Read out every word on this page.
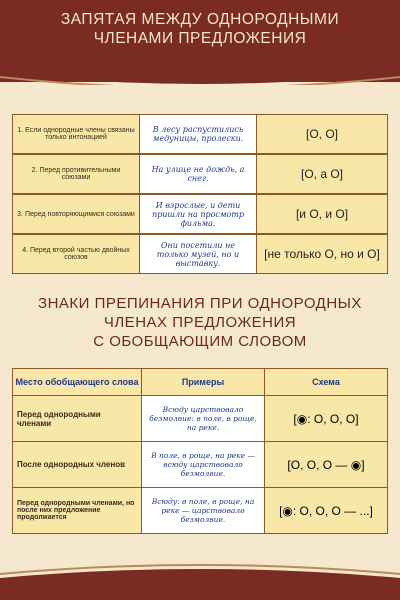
ЗАПЯТАЯ МЕЖДУ ОДНОРОДНЫМИ
ЧЛЕНАМИ ПРЕДЛОЖЕНИЯ
1. Если однородные члены связаны только интонацией	В лесу распустились медуницы, пролески.	[О, О]
2. Перед противительными союзами	На улице не дождь, а снег.	[О, а О]
3. Перед повторяющимися союзами	И взрослые, и дети пришли на просмотр фильма.	[и О, и О]
4. Перед второй частью двойных союзов	Они посетили не только музей, но и выставку.	[не только О, но и О]
ЗНАКИ ПРЕПИНАНИЯ ПРИ ОДНОРОДНЫХ
ЧЛЕНАХ ПРЕДЛОЖЕНИЯ
С ОБОБЩАЮЩИМ СЛОВОМ
Место обобщающего слова	Примеры	Схема
Перед однородными членами	Всюду царствовало безмолвие: в поле, в роще, на реке.	[◉: О, О, О]
После однородных членов	В поле, в роще, на реке — всюду царствовало безмолвие.	[О, О, О — ◉]
Перед однородными членами, но после них предложение продолжается	Всюду: в поле, в роще, на реке — царствовало безмолвие.	[◉: О, О, О — ...]
